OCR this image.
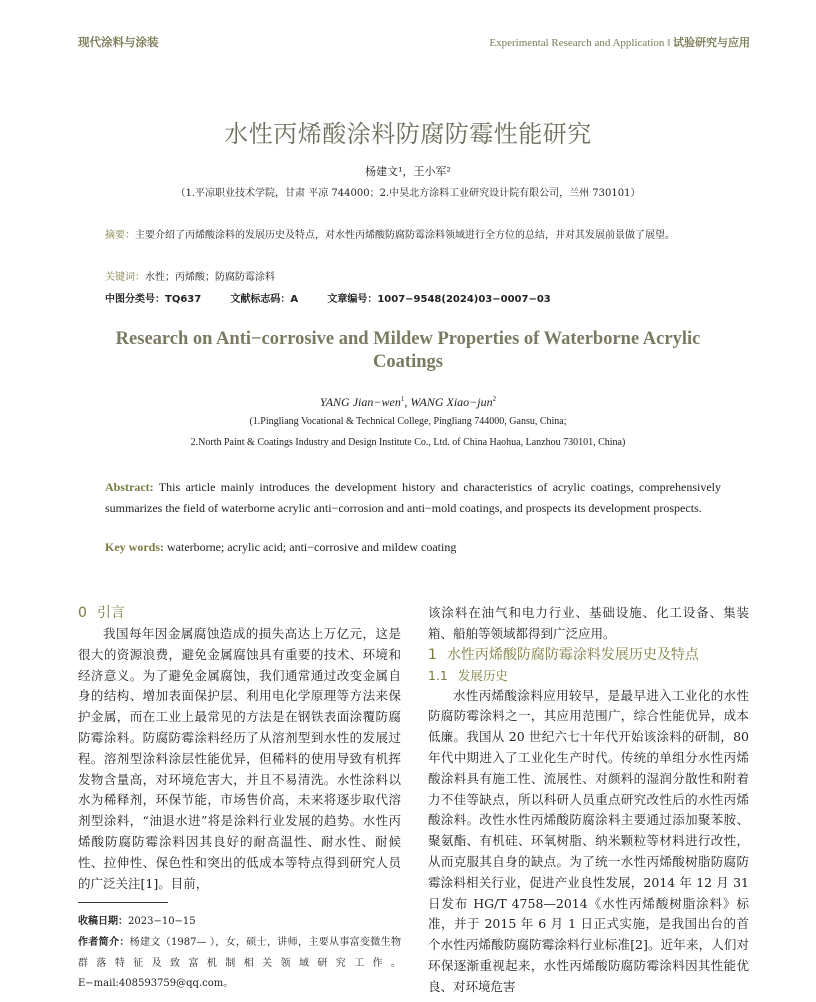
现代涂料与涂装	Experimental Research and Application ‖ 试验研究与应用
水性丙烯酸涂料防腐防霉性能研究
杨建文¹，王小军²
（1.平凉职业技术学院，甘肃 平凉 744000；2.中昊北方涂料工业研究设计院有限公司，兰州 730101）
摘要：主要介绍了丙烯酸涂料的发展历史及特点，对水性丙烯酸防腐防霉涂料领域进行全方位的总结，并对其发展前景做了展望。
关键词：水性；丙烯酸；防腐防霉涂料
中图分类号：TQ637	文献标志码：A	文章编号：1007−9548(2024)03−0007−03
Research on Anti−corrosive and Mildew Properties of Waterborne Acrylic Coatings
YANG Jian−wen$^1$, WANG Xiao−jun$^2$
(1.Pingliang Vocational & Technical College, Pingliang 744000, Gansu, China;
2.North Paint & Coatings Industry and Design Institute Co., Ltd. of China Haohua, Lanzhou 730101, China)
Abstract: This article mainly introduces the development history and characteristics of acrylic coatings, comprehensively summarizes the field of waterborne acrylic anti−corrosion and anti−mold coatings, and prospects its development prospects.
Key words: waterborne; acrylic acid; anti−corrosive and mildew coating
0 引言

我国每年因金属腐蚀造成的损失高达上万亿元，这是很大的资源浪费，避免金属腐蚀具有重要的技术、环境和经济意义。为了避免金属腐蚀，我们通常通过改变金属自身的结构、增加表面保护层、利用电化学原理等方法来保护金属，而在工业上最常见的方法是在钢铁表面涂覆防腐防霉涂料。防腐防霉涂料经历了从溶剂型到水性的发展过程。溶剂型涂料涂层性能优异，但稀料的使用导致有机挥发物含量高，对环境危害大，并且不易清洗。水性涂料以水为稀释剂，环保节能，市场售价高，未来将逐步取代溶剂型涂料，“油退水进”将是涂料行业发展的趋势。水性丙烯酸防腐防霉涂料因其良好的耐高温性、耐水性、耐候性、拉伸性、保色性和突出的低成本等特点得到研究人员的广泛关注[1]。目前，

该涂料在油气和电力行业、基础设施、化工设备、集装箱、船舶等领域都得到广泛应用。

1 水性丙烯酸防腐防霉涂料发展历史及特点
1.1 发展历史

水性丙烯酸涂料应用较早，是最早进入工业化的水性防腐防霉涂料之一，其应用范围广，综合性能优异，成本低廉。我国从 20 世纪六七十年代开始该涂料的研制，80 年代中期进入了工业化生产时代。传统的单组分水性丙烯酸涂料具有施工性、流展性、对颜料的湿润分散性和附着力不佳等缺点，所以科研人员重点研究改性后的水性丙烯酸涂料。改性水性丙烯酸防腐涂料主要通过添加聚苯胺、聚氨酯、有机硅、环氧树脂、纳米颗粒等材料进行改性，从而克服其自身的缺点。为了统一水性丙烯酸树脂防腐防霉涂料相关行业，促进产业良性发展，2014 年 12 月 31 日发布 HG/T 4758—2014《水性丙烯酸树脂涂料》标准，并于 2015 年 6 月 1 日正式实施，是我国出台的首个水性丙烯酸防腐防霉涂料行业标准[2]。近年来，人们对环保逐渐重视起来，水性丙烯酸防腐防霉涂料因其性能优良、对环境危害

收稿日期：2023−10−15
作者简介：杨建文（1987— ），女，硕士，讲师，主要从事富变微生物群落特征及致富机制相关领域研究工作。E−mail:408593759@qq.com。
